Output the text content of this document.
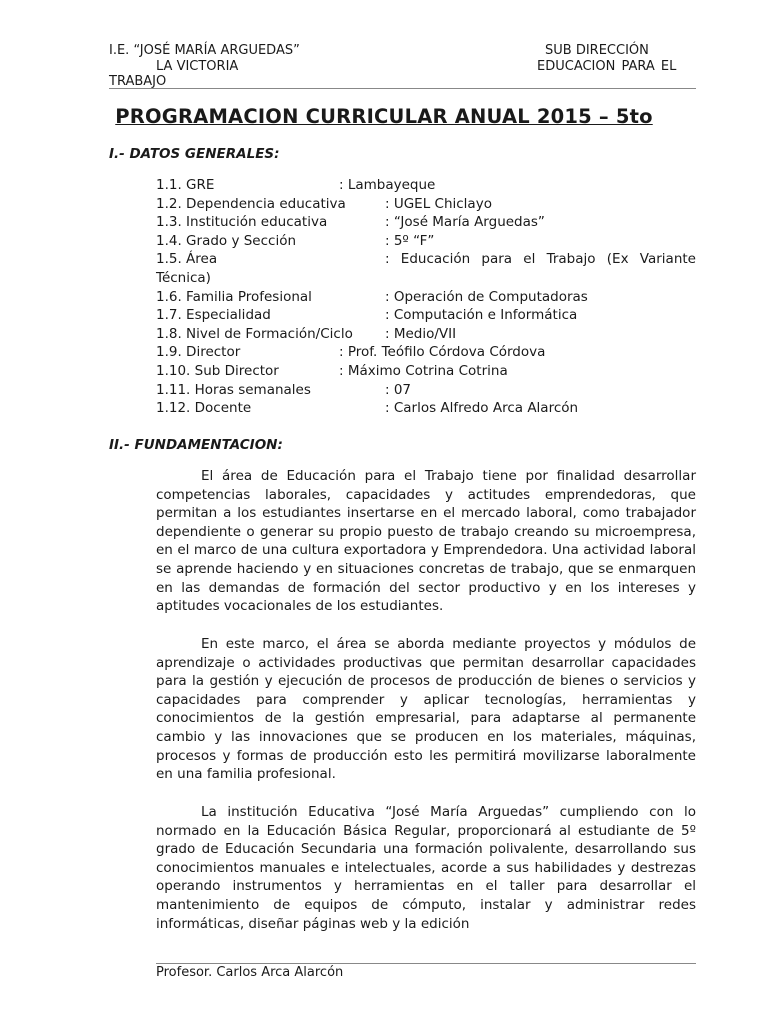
I.E. “JOSÉ MARÍA ARGUEDAS”
LA VICTORIA
SUB DIRECCIÓN
EDUCACION PARA EL
TRABAJO
PROGRAMACION CURRICULAR ANUAL 2015 – 5to
I.- DATOS GENERALES:
1.1. GRE	: Lambayeque
1.2. Dependencia educativa	: UGEL Chiclayo
1.3. Institución educativa	: “José María Arguedas”
1.4. Grado y Sección	: 5º “F”
1.5. Área	: Educación para el Trabajo (Ex Variante
Técnica)
1.6. Familia Profesional	: Operación de Computadoras
1.7. Especialidad	: Computación e Informática
1.8. Nivel de Formación/Ciclo : Medio/VII
1.9. Director	: Prof. Teófilo Córdova Córdova
1.10. Sub Director	: Máximo Cotrina Cotrina
1.11. Horas semanales	: 07
1.12. Docente	: Carlos Alfredo Arca Alarcón
II.- FUNDAMENTACION:

El área de Educación para el Trabajo tiene por finalidad desarrollar competencias laborales, capacidades y actitudes emprendedoras, que permitan a los estudiantes insertarse en el mercado laboral, como trabajador dependiente o generar su propio puesto de trabajo creando su microempresa, en el marco de una cultura exportadora y Emprendedora. Una actividad laboral se aprende haciendo y en situaciones concretas de trabajo, que se enmarquen en las demandas de formación del sector productivo y en los intereses y aptitudes vocacionales de los estudiantes.

En este marco, el área se aborda mediante proyectos y módulos de aprendizaje o actividades productivas que permitan desarrollar capacidades para la gestión y ejecución de procesos de producción de bienes o servicios y capacidades para comprender y aplicar tecnologías, herramientas y conocimientos de la gestión empresarial, para adaptarse al permanente cambio y las innovaciones que se producen en los materiales, máquinas, procesos y formas de producción esto les permitirá movilizarse laboralmente en una familia profesional.

La institución Educativa “José María Arguedas” cumpliendo con lo normado en la Educación Básica Regular, proporcionará al estudiante de 5º grado de Educación Secundaria una formación polivalente, desarrollando sus conocimientos manuales e intelectuales, acorde a sus habilidades y destrezas operando instrumentos y herramientas en el taller para desarrollar el mantenimiento de equipos de cómputo, instalar y administrar redes informáticas, diseñar páginas web y la edición

Profesor. Carlos Arca Alarcón
